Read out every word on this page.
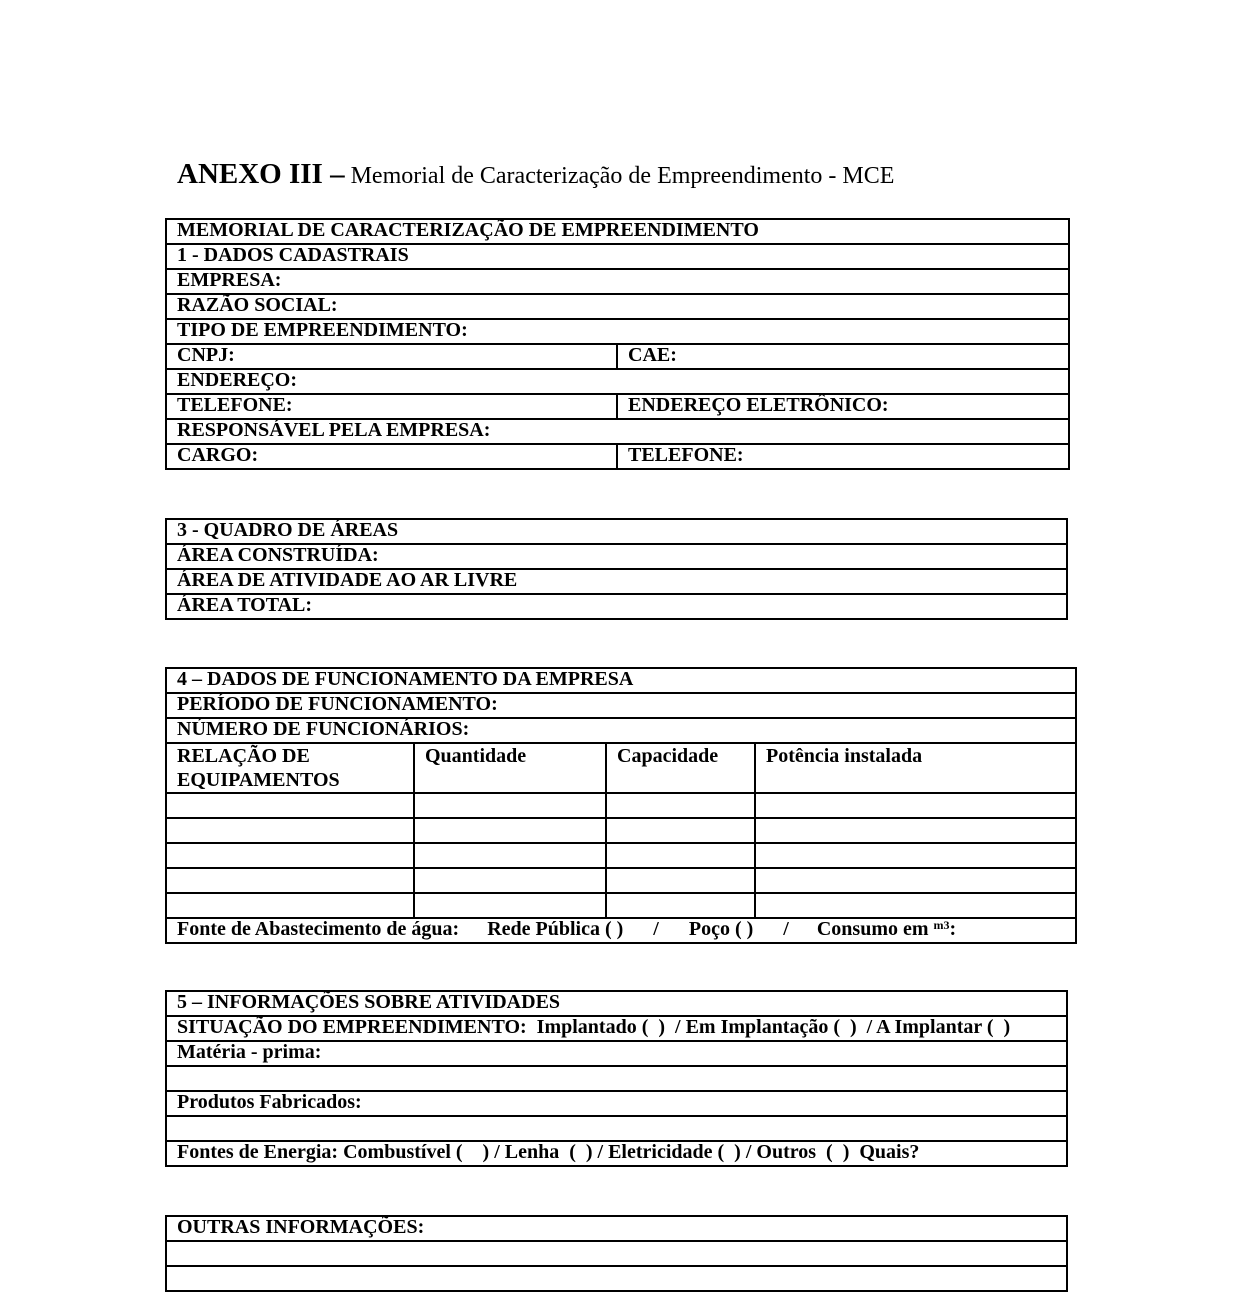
ANEXO III – Memorial de Caracterização de Empreendimento - MCE
MEMORIAL DE CARACTERIZAÇÃO DE EMPREENDIMENTO	
1 - DADOS CADASTRAIS	
EMPRESA:	
RAZÃO SOCIAL:	
TIPO DE EMPREENDIMENTO:	
CNPJ:	CAE:
ENDEREÇO:	
TELEFONE:	ENDEREÇO ELETRÔNICO:
RESPONSÁVEL PELA EMPRESA:	
CARGO:	TELEFONE:
3 - QUADRO DE ÁREAS
ÁREA CONSTRUÍDA:
ÁREA DE ATIVIDADE AO AR LIVRE
ÁREA TOTAL:
4 – DADOS DE FUNCIONAMENTO DA EMPRESA			
PERÍODO DE FUNCIONAMENTO:			
NÚMERO DE FUNCIONÁRIOS:			
RELAÇÃO DE EQUIPAMENTOS	Quantidade	Capacidade	Potência instalada

Fonte de Abastecimento de água: Rede Pública ( ) / Poço ( ) / Consumo em $^{m3}$:			
5 – INFORMAÇÕES SOBRE ATIVIDADES
SITUAÇÃO DO EMPREENDIMENTO:  Implantado (  )  / Em Implantação (  )  / A Implantar (  )
Matéria - prima:

Produtos Fabricados:

Fontes de Energia: Combustível (    ) / Lenha  (  ) / Eletricidade (  ) / Outros  (  )  Quais?
OUTRAS INFORMAÇÕES:
